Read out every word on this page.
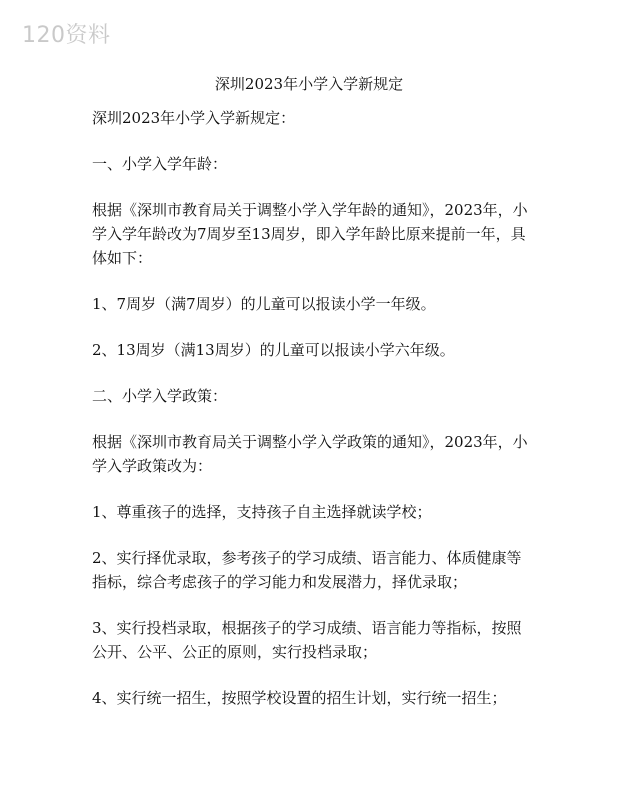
120资料
深圳2023年小学入学新规定

深圳2023年小学入学新规定：

一、小学入学年龄：

根据《深圳市教育局关于调整小学入学年龄的通知》，2023年，小学入学年龄改为7周岁至13周岁，即入学年龄比原来提前一年，具体如下：

1、7周岁（满7周岁）的儿童可以报读小学一年级。

2、13周岁（满13周岁）的儿童可以报读小学六年级。

二、小学入学政策：

根据《深圳市教育局关于调整小学入学政策的通知》，2023年，小学入学政策改为：

1、尊重孩子的选择，支持孩子自主选择就读学校；

2、实行择优录取，参考孩子的学习成绩、语言能力、体质健康等指标，综合考虑孩子的学习能力和发展潜力，择优录取；

3、实行投档录取，根据孩子的学习成绩、语言能力等指标，按照公开、公平、公正的原则，实行投档录取；

4、实行统一招生，按照学校设置的招生计划，实行统一招生；
